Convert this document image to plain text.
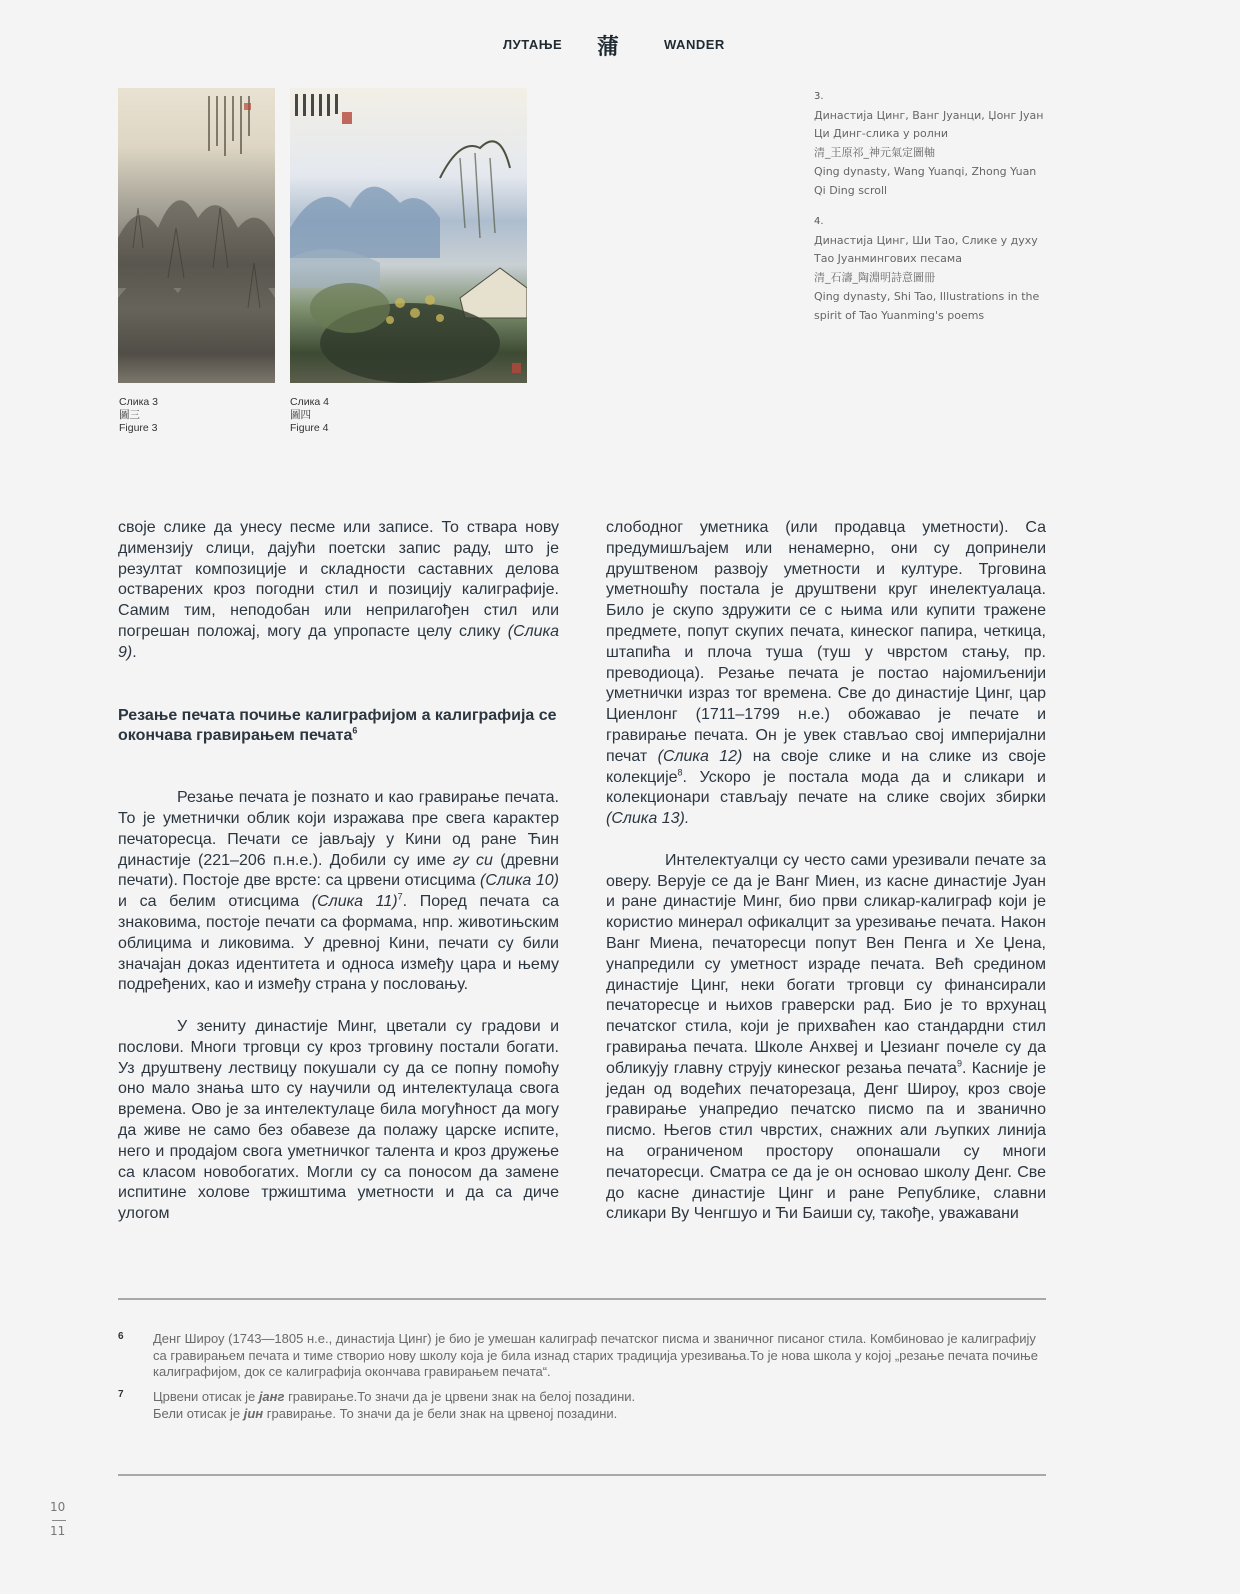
ЛУТАЊЕ 蒲	WANDER
Слика 3
圖三
Figure 3
Слика 4
圖四
Figure 4
3.
Династија Цинг, Ванг Јуанци, Џонг Јуан
Ци Динг-слика у ролни
清_王原祁_神元氣定圖軸
Qing dynasty, Wang Yuanqi, Zhong Yuan
Qi Ding scroll
4.
Династија Цинг, Ши Тао, Слике у духу
Тао Јуанмингових песама
清_石濤_陶淵明詩意圖冊
Qing dynasty, Shi Tao, Illustrations in the
spirit of Tao Yuanming's poems

своје слике да унесу песме или записе. То ствара нову димензију слици, дајући поетски запис раду, што је резултат композиције и складности саставних делова остварених кроз погодни стил и позицију калиграфије. Самим тим, неподобан или неприлагођен стил или погрешан положај, могу да упропасте целу слику (Слика 9).

Резање печата почиње калиграфијом а калиграфија се окончава гравирањем печата$^6$

Резање печата је познато и као гравирање печата. То је уметнички облик који изражава пре свега карактер печаторесца. Печати се јављају у Кини од ране Ћин династије (221–206 п.н.е.). Добили су име гу си (древни печати). Постоје две врсте: са црвени отисцима (Слика 10) и са белим отисцима (Слика 11)$^7$. Поред печата са знаковима, постоје печати са формама, нпр. животињским облицима и ликовима. У древној Кини, печати су били значајан доказ идентитета и односа између цара и њему подређених, као и између страна у пословању.

У зениту династије Минг, цветали су градови и послови. Многи трговци су кроз трговину постали богати. Уз друштвену лествицу покушали су да се попну помоћу оно мало знања што су научили од интелектулаца свога времена. Ово је за интелектулаце била могућност да могу да живе не само без обавезе да полажу царске испите, него и продајом свога уметничког талента и кроз дружење са класом новобогатих. Могли су са поносом да замене испитине холове тржиштима уметности и да са диче улогом

слободног уметника (или продавца уметности). Са предумишљајем или ненамерно, они су допринели друштвеном развоју уметности и културе. Трговина уметношћу постала је друштвени круг инелектуалаца. Било је скупо здружити се с њима или купити тражене предмете, попут скупих печата, кинеског папира, четкица, штапића и плоча туша (туш у чврстом стању, пр. преводиоца). Резање печата је постао најомиљенији уметнички израз тог времена. Све до династије Цинг, цар Циенлонг (1711–1799 н.е.) обожавао је печате и гравирање печата. Он је увек стављао свој империјални печат (Слика 12) на своје слике и на слике из своје колекције$^8$. Ускоро је постала мода да и сликари и колекционари стављају печате на слике својих збирки (Слика 13).

Интелектуалци су често сами урезивали печате за оверу. Верује се да је Ванг Миен, из касне династије Јуан и ране династије Минг, био први сликар-калиграф који је користио минерал офикалцит за урезивање печата. Након Ванг Миена, печаторесци попут Вен Пенга и Хе Џена, унапредили су уметност израде печата. Већ средином династије Цинг, неки богати трговци су финансирали печаторесце и њихов граверски рад. Био је то врхунац печатског стила, који је прихваћен као стандардни стил гравирања печата. Школе Анхвеј и Џезианг почеле су да обликују главну струју кинеског резања печата$^9$. Касније је један од водећих печаторезаца, Денг Широу, кроз своје гравирање унапредио печатско писмо па и званично писмо. Његов стил чврстих, снажних али љупких линија на ограниченом простору опонашали су многи печаторесци. Сматра се да је он основао школу Денг. Све до касне династије Цинг и ране Републике, славни сликари Ву Ченгшуо и Ћи Баиши су, такође, уважавани

6 Денг Широу (1743—1805 н.е., династија Цинг) је био је умешан калиграф печатског писма и званичног писаног стила. Комбиновао је калиграфију са гравирањем печата и тиме створио нову школу која је била изнад старих традиција урезивања.То је нова школа у којој „резање печата почиње калиграфијом, док се калиграфија окончава гравирањем печата“.
7 Црвени отисак је јанг гравирање.То значи да је црвени знак на белој позадини.
Бели отисак је јин гравирање. То значи да је бели знак на црвеној позадини.
10
11
